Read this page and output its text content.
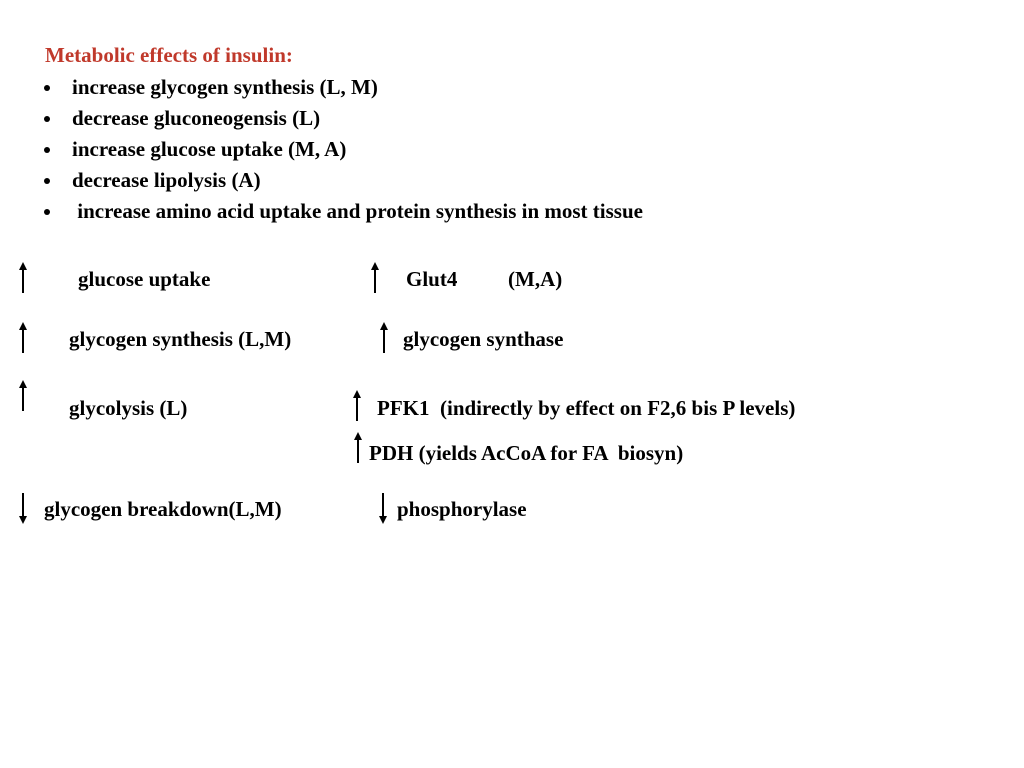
Metabolic effects of insulin:
increase glycogen synthesis (L, M)
decrease gluconeogensis (L)
increase glucose uptake (M, A)
decrease lipolysis (A)
increase amino acid uptake and protein synthesis in most tissue
glucose uptake	Glut4 (M,A)
glycogen synthesis (L,M)	glycogen synthase
glycolysis (L)	PFK1  (indirectly by effect on F2,6 bis P levels)
PDH (yields AcCoA for FA  biosyn)
glycogen breakdown(L,M)	phosphorylase
